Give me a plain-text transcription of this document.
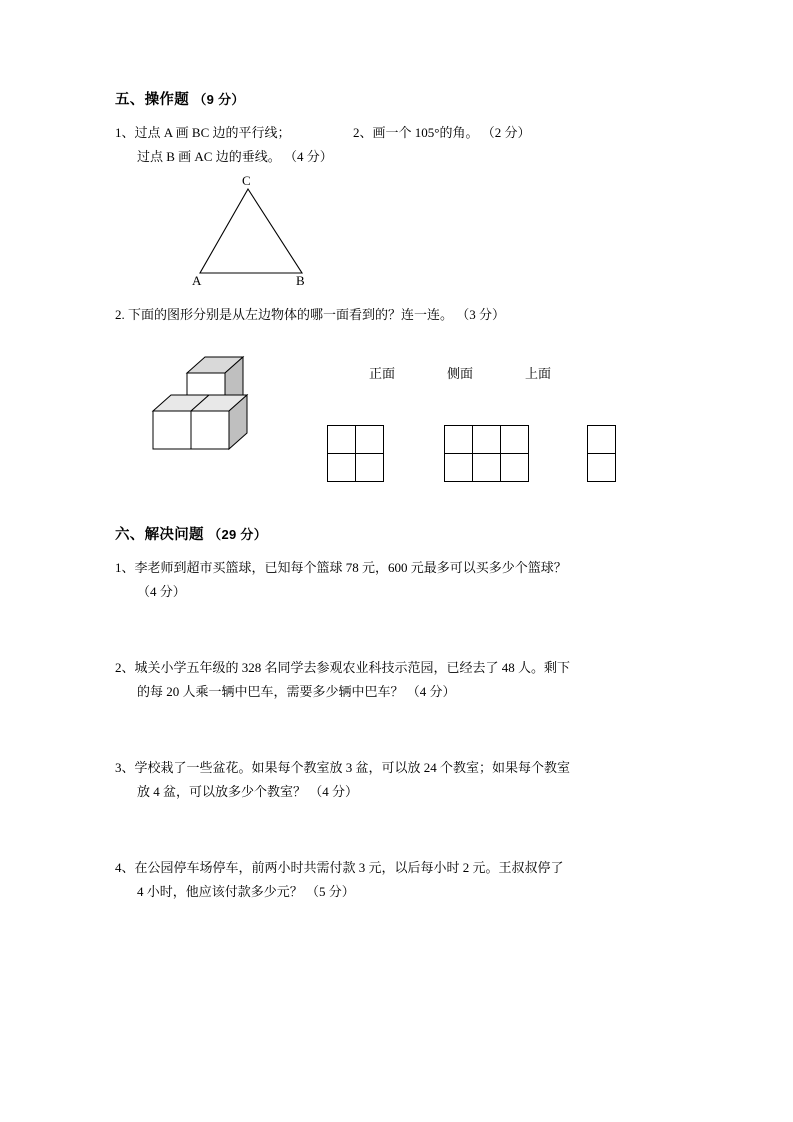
五、操作题 （9 分）
1、过点 A 画 BC 边的平行线；
过点 B 画 AC 边的垂线。 （4 分）
2、画一个 105°的角。 （2 分）
C
A	B
2. 下面的图形分别是从左边物体的哪一面看到的？连一连。 （3 分）
正面	侧面	上面

六、解决问题 （29 分）
1、李老师到超市买篮球，已知每个篮球 78 元，600 元最多可以买多少个篮球？
（4 分）
2、城关小学五年级的 328 名同学去参观农业科技示范园，已经去了 48 人。剩下
的每 20 人乘一辆中巴车，需要多少辆中巴车？ （4 分）
3、学校栽了一些盆花。如果每个教室放 3 盆，可以放 24 个教室；如果每个教室
放 4 盆，可以放多少个教室？ （4 分）
4、在公园停车场停车，前两小时共需付款 3 元，以后每小时 2 元。王叔叔停了
4 小时，他应该付款多少元？ （5 分）
